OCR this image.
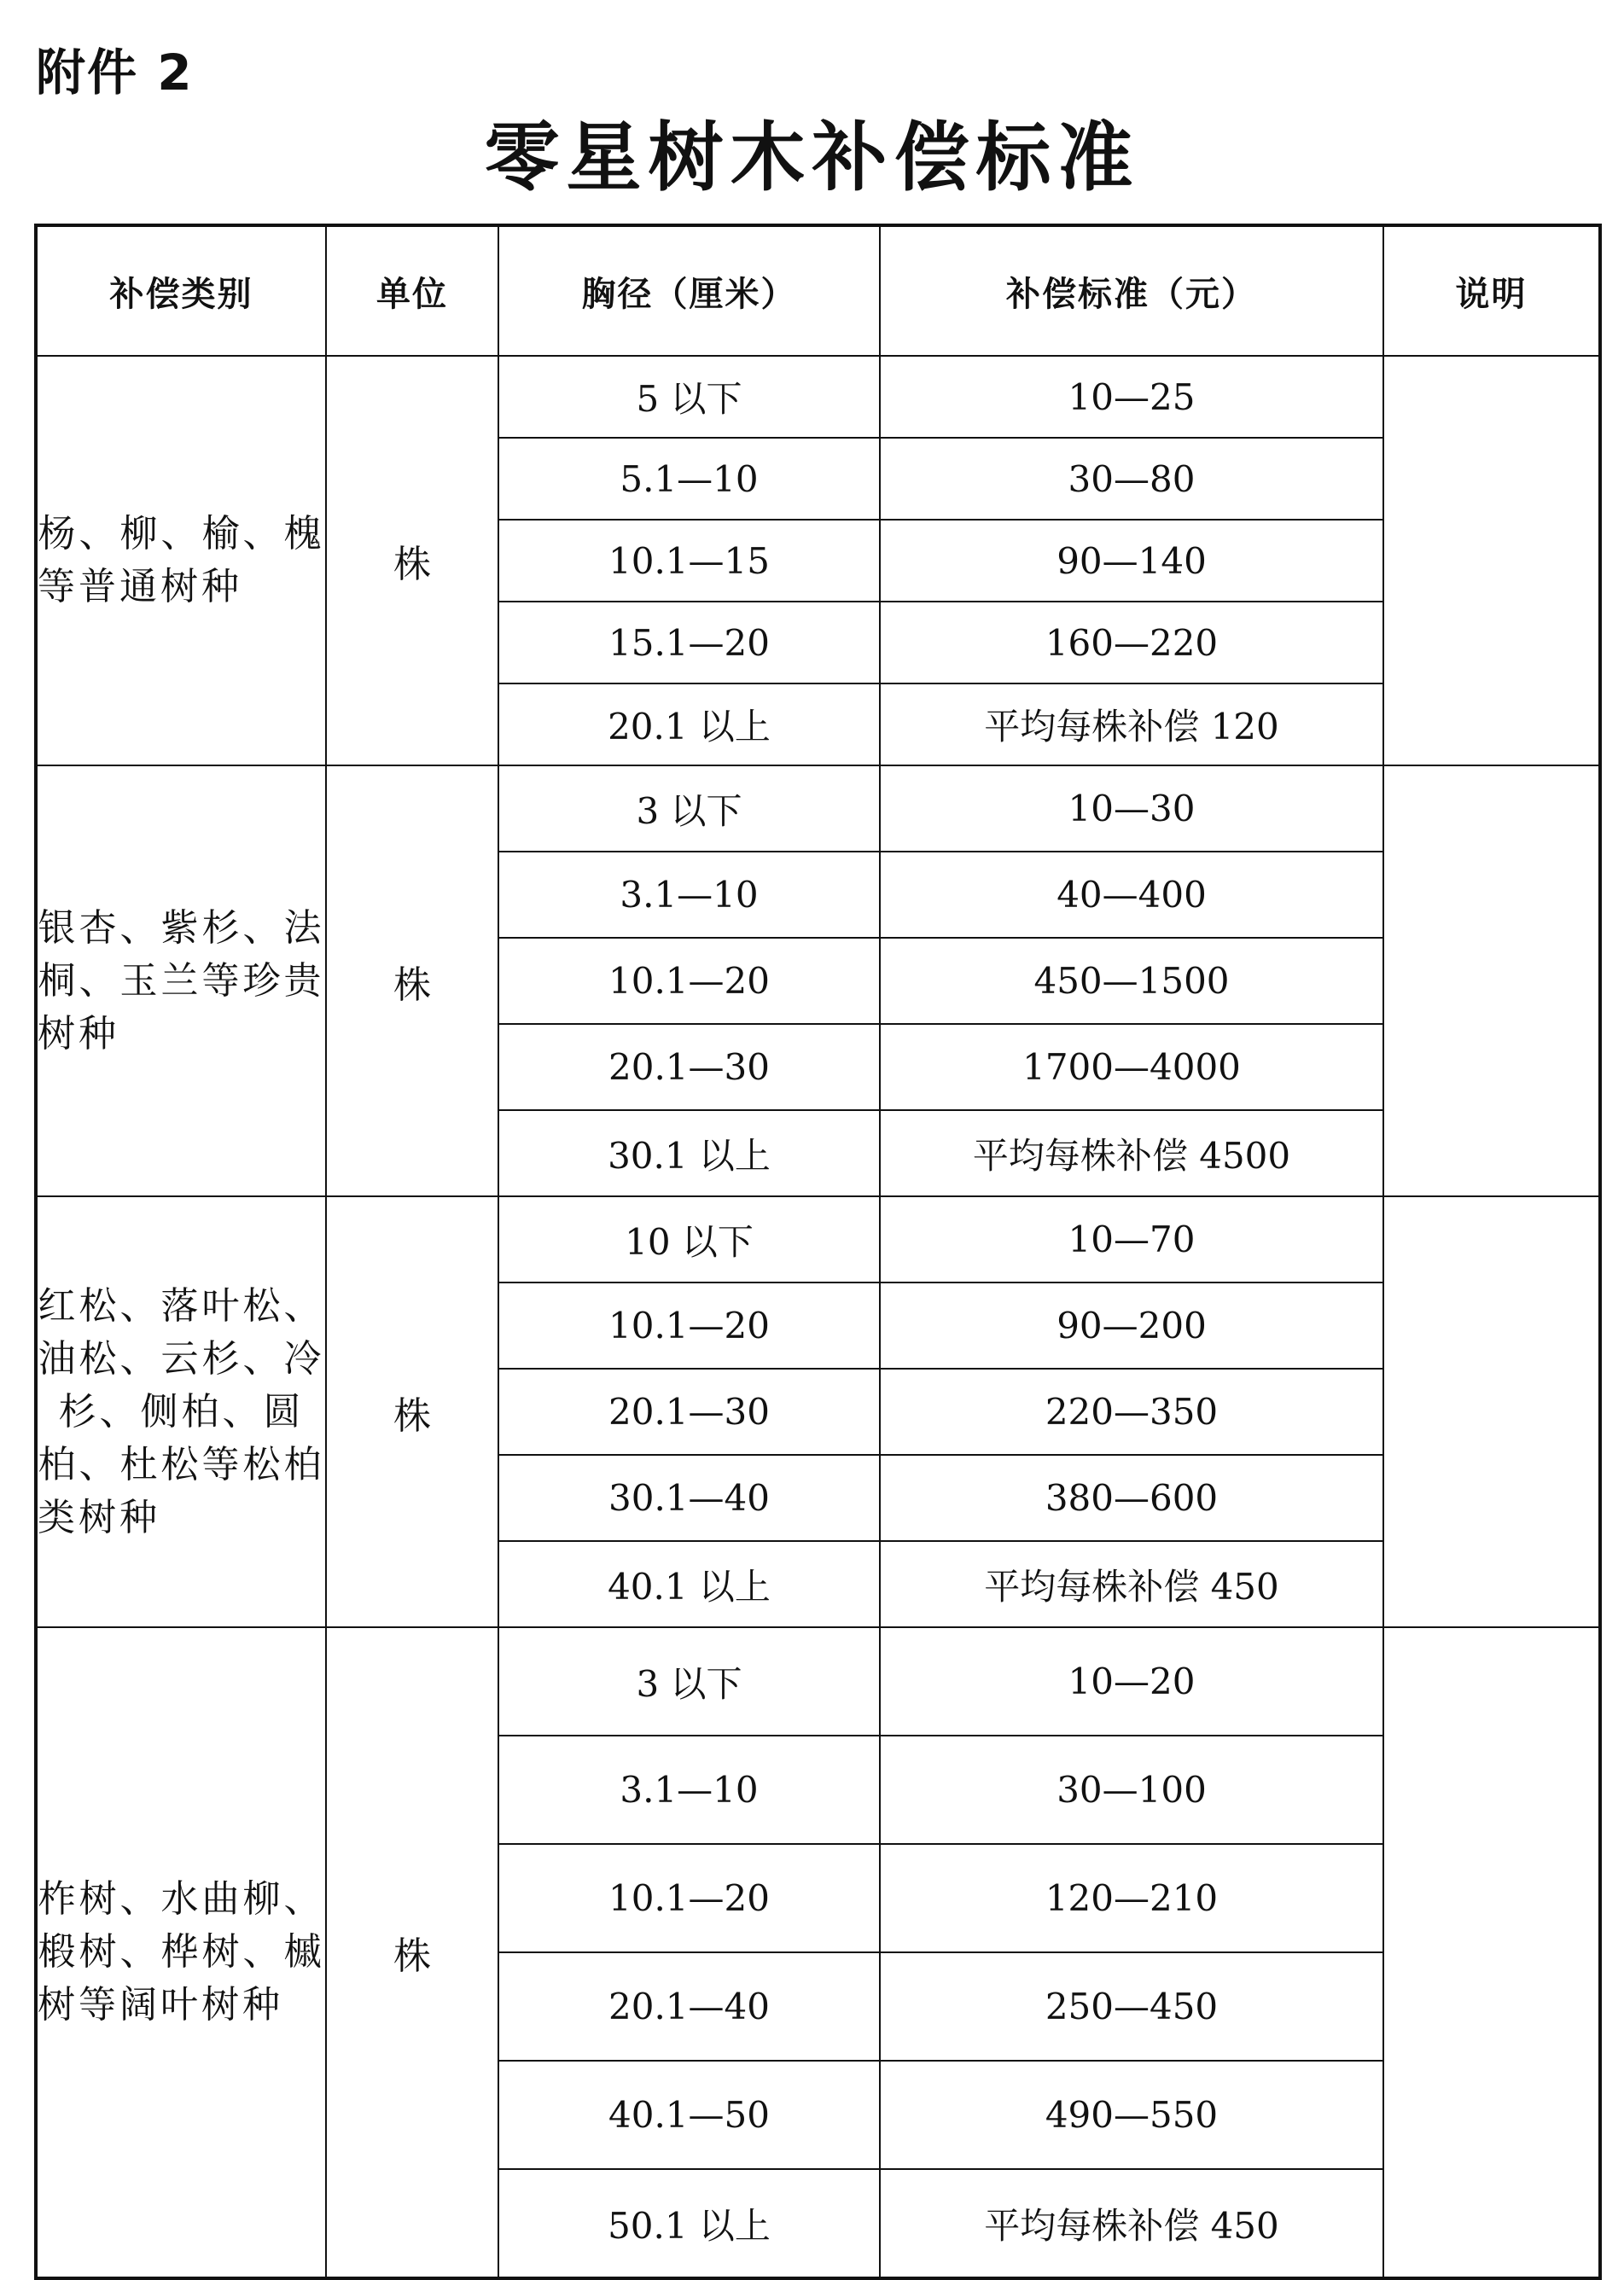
附件 2
零星树木补偿标准
补偿类别	单位	胸径（厘米）	补偿标准（元）	说明
杨、柳、榆、槐等普通树种	株	5 以下	10—25	
		5.1—10	30—80	
		10.1—15	90—140	
		15.1—20	160—220	
		20.1 以上	平均每株补偿 120	
银杏、紫杉、法桐、玉兰等珍贵树种	株	3 以下	10—30	
		3.1—10	40—400	
		10.1—20	450—1500	
		20.1—30	1700—4000	
		30.1 以上	平均每株补偿 4500	
红松、落叶松、油松、云杉、冷杉、侧柏、圆柏、杜松等松柏类树种	株	10 以下	10—70	
		10.1—20	90—200	
		20.1—30	220—350	
		30.1—40	380—600	
		40.1 以上	平均每株补偿 450	
柞树、水曲柳、椴树、桦树、槭树等阔叶树种	株	3 以下	10—20	
		3.1—10	30—100	
		10.1—20	120—210	
		20.1—40	250—450	
		40.1—50	490—550	
		50.1 以上	平均每株补偿 450	
